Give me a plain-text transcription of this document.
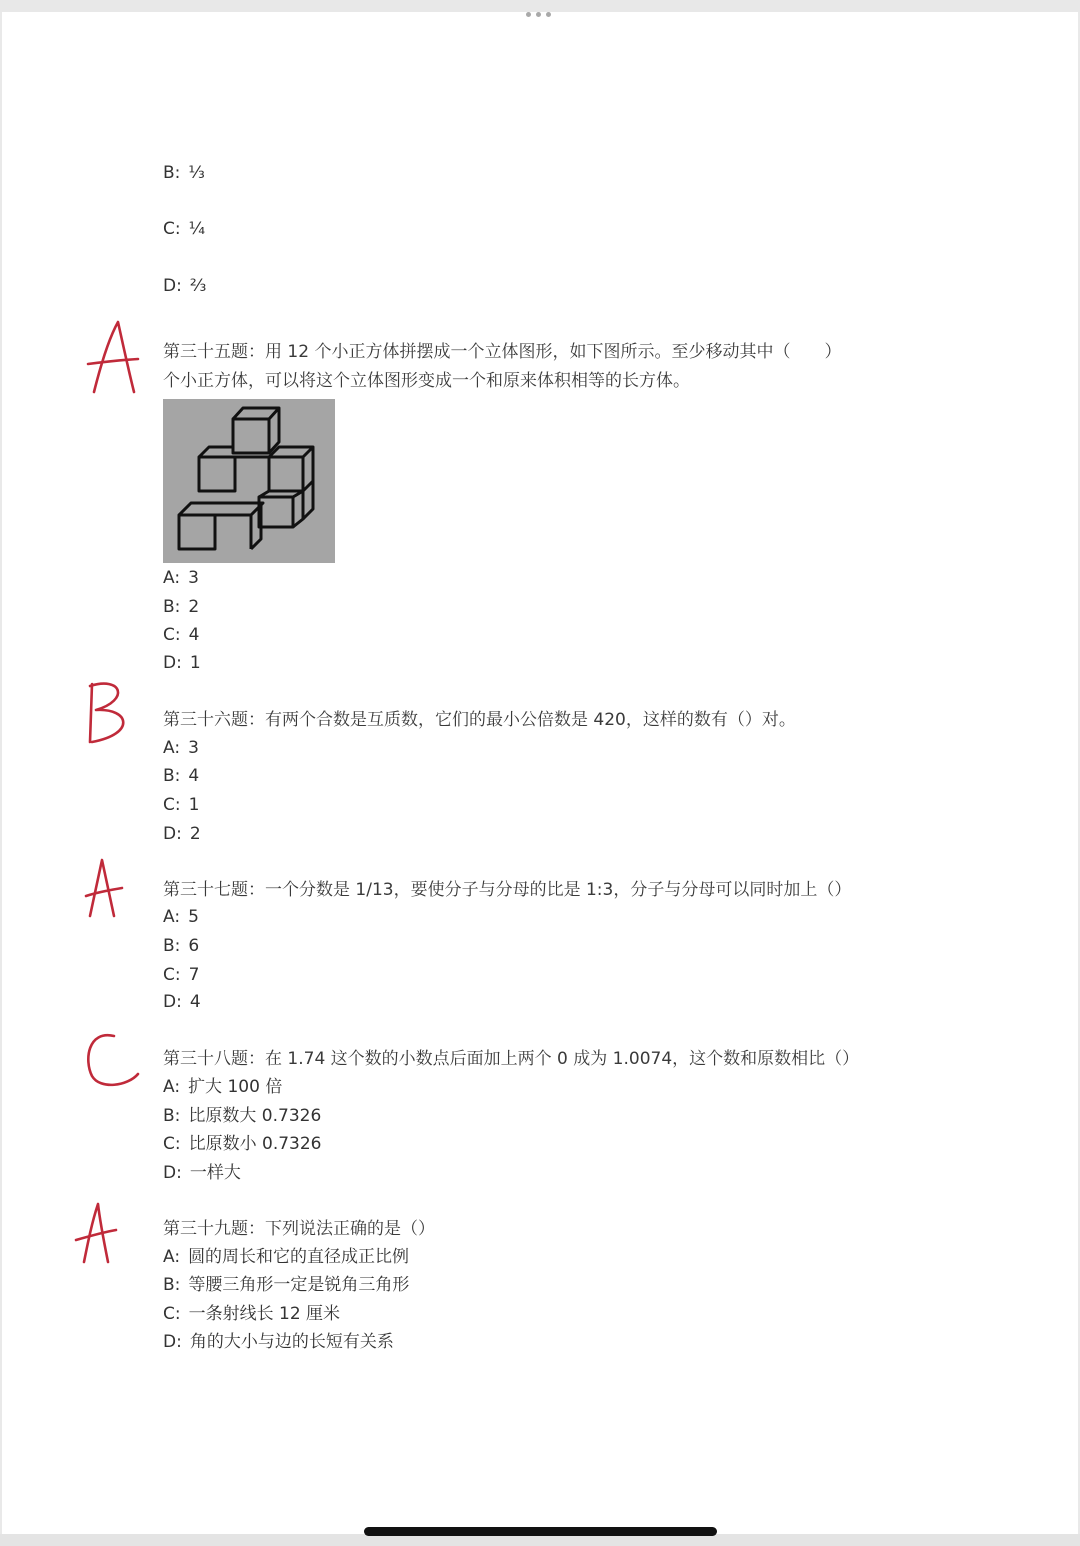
B: ⅓
C: ¼
D: ⅔
第三十五题：用 12 个小正方体拼摆成一个立体图形，如下图所示。至少移动其中（　　）
个小正方体，可以将这个立体图形变成一个和原来体积相等的长方体。
A: 3
B: 2
C: 4
D: 1
第三十六题：有两个合数是互质数，它们的最小公倍数是 420，这样的数有（）对。
A: 3
B: 4
C: 1
D: 2
第三十七题：一个分数是 1/13，要使分子与分母的比是 1:3，分子与分母可以同时加上（）
A: 5
B: 6
C: 7
D: 4
第三十八题：在 1.74 这个数的小数点后面加上两个 0 成为 1.0074，这个数和原数相比（）
A: 扩大 100 倍
B: 比原数大 0.7326
C: 比原数小 0.7326
D: 一样大
第三十九题：下列说法正确的是（）
A: 圆的周长和它的直径成正比例
B: 等腰三角形一定是锐角三角形
C: 一条射线长 12 厘米
D: 角的大小与边的长短有关系
